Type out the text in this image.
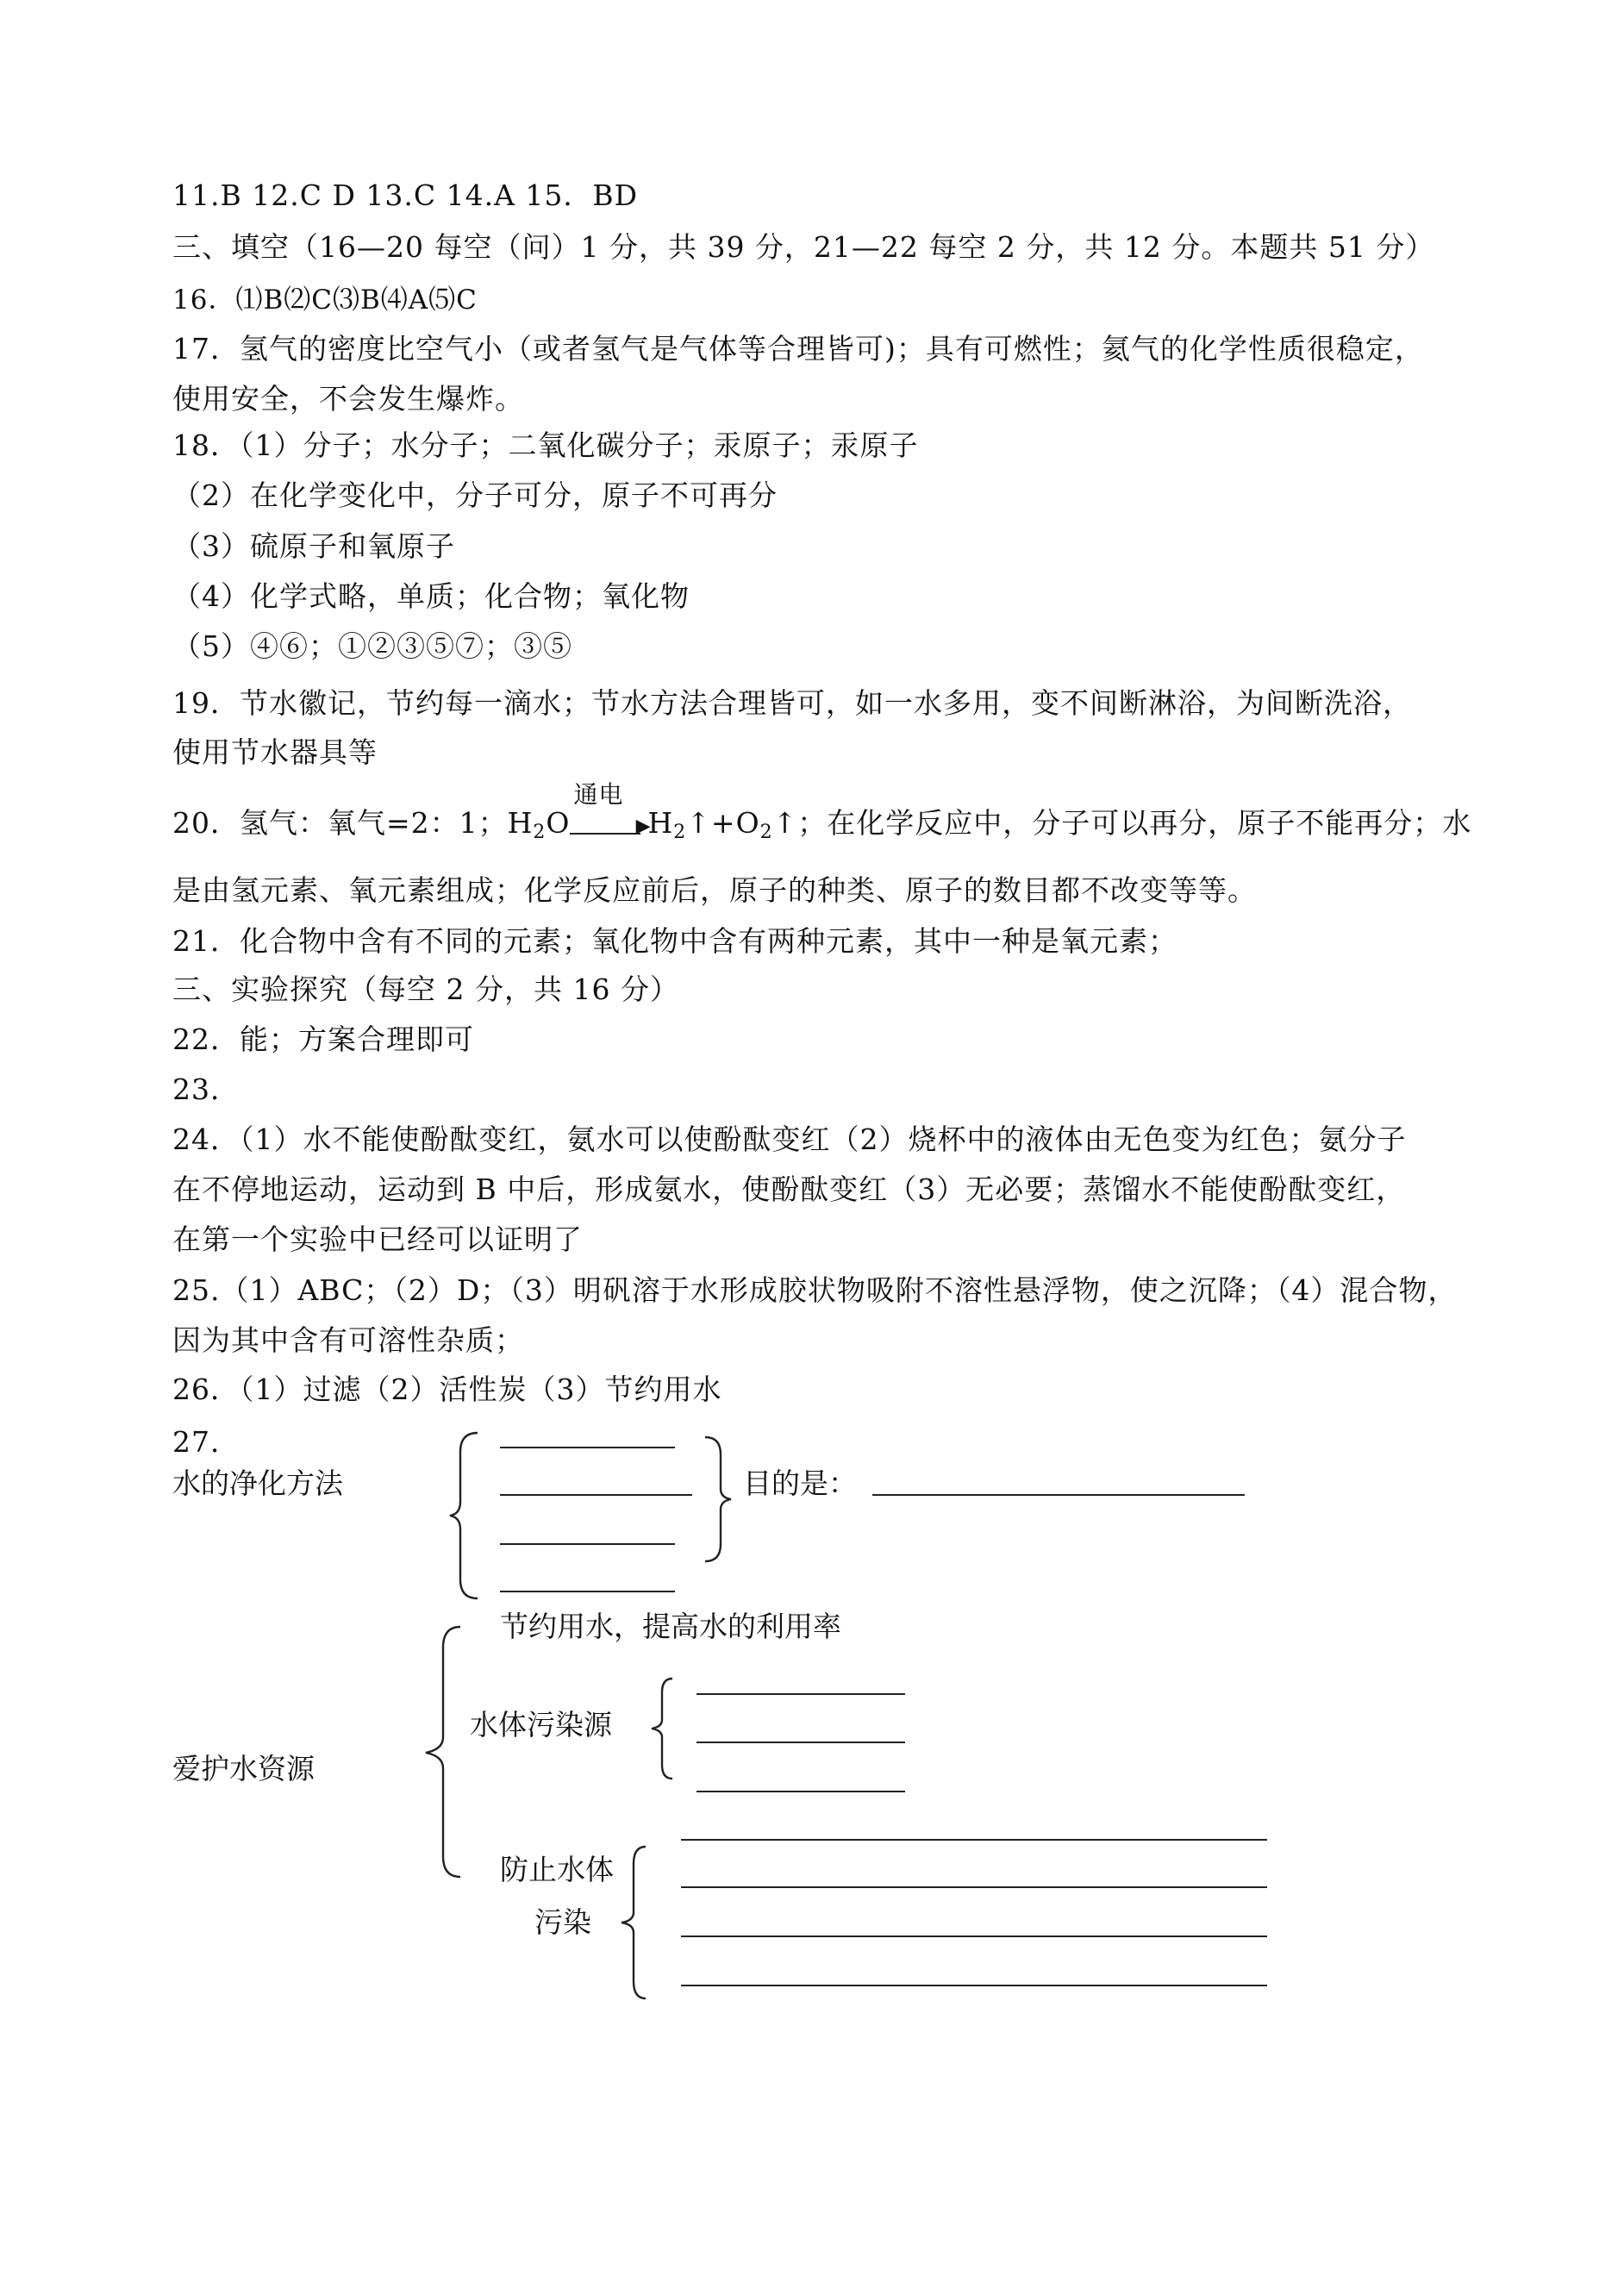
11.B 12.C D 13.C 14.A 15．BD
三、填空（16—20 每空（问）1 分，共 39 分，21—22 每空 2 分，共 12 分。本题共 51 分）
16．⑴B⑵C⑶B⑷A⑸C
17．氢气的密度比空气小（或者氢气是气体等合理皆可)；具有可燃性；氦气的化学性质很稳定，
使用安全，不会发生爆炸。
18．（1）分子；水分子；二氧化碳分子；汞原子；汞原子
（2）在化学变化中，分子可分，原子不可再分
（3）硫原子和氧原子
（4）化学式略，单质；化合物；氧化物
（5）④⑥；①②③⑤⑦；③⑤
19．节水徽记，节约每一滴水；节水方法合理皆可，如一水多用，变不间断淋浴，为间断洗浴，
使用节水器具等
20．氢气：氧气=2：1；$H_2O$
通电
▶
$H_2↑+O_2↑$；在化学反应中，分子可以再分，原子不能再分；水
是由氢元素、氧元素组成；化学反应前后，原子的种类、原子的数目都不改变等等。
21．化合物中含有不同的元素；氧化物中含有两种元素，其中一种是氧元素；
三、实验探究（每空 2 分，共 16 分）
22．能；方案合理即可
23．
24．（1）水不能使酚酞变红，氨水可以使酚酞变红（2）烧杯中的液体由无色变为红色；氨分子
在不停地运动，运动到 B 中后，形成氨水，使酚酞变红（3）无必要；蒸馏水不能使酚酞变红，
在第一个实验中已经可以证明了
25.（1）ABC；（2）D；（3）明矾溶于水形成胶状物吸附不溶性悬浮物，使之沉降；（4）混合物，
因为其中含有可溶性杂质；
26．（1）过滤（2）活性炭（3）节约用水
27．
水的净化方法	目的是：
爱护水资源
节约用水，提高水的利用率
水体污染源
防止水体
污染
